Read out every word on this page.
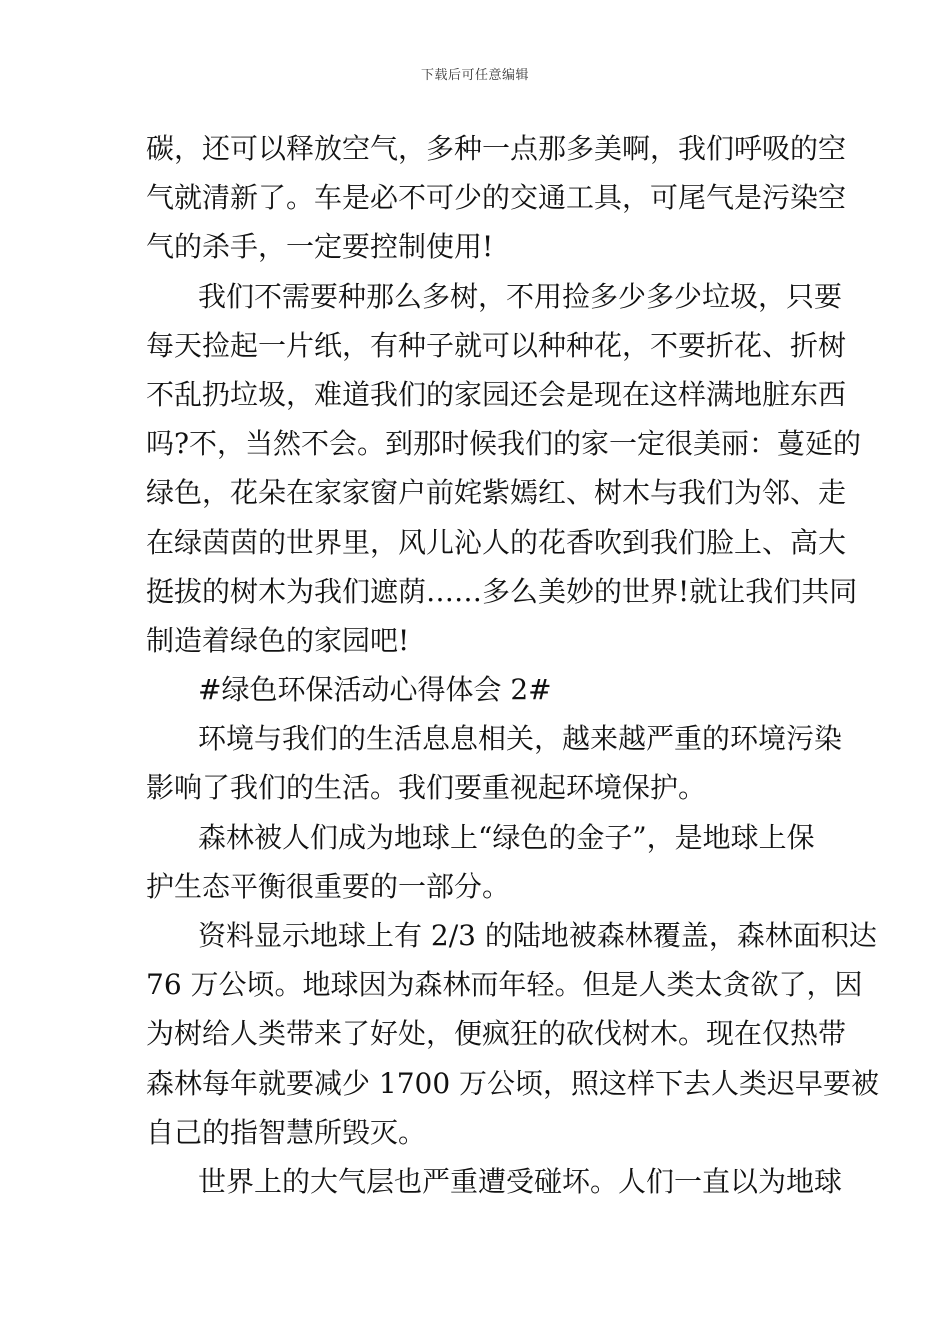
下载后可任意编辑
碳，还可以释放空气，多种一点那多美啊，我们呼吸的空
气就清新了。车是必不可少的交通工具，可尾气是污染空
气的杀手，一定要控制使用!
我们不需要种那么多树，不用捡多少多少垃圾，只要
每天捡起一片纸，有种子就可以种种花，不要折花、折树
不乱扔垃圾，难道我们的家园还会是现在这样满地脏东西
吗?不，当然不会。到那时候我们的家一定很美丽：蔓延的
绿色，花朵在家家窗户前姹紫嫣红、树木与我们为邻、走
在绿茵茵的世界里，风儿沁人的花香吹到我们脸上、高大
挺拔的树木为我们遮荫……多么美妙的世界!就让我们共同
制造着绿色的家园吧!
#绿色环保活动心得体会 2#
环境与我们的生活息息相关，越来越严重的环境污染
影响了我们的生活。我们要重视起环境保护。
森林被人们成为地球上“绿色的金子”，是地球上保
护生态平衡很重要的一部分。
资料显示地球上有 2/3 的陆地被森林覆盖，森林面积达
76 万公顷。地球因为森林而年轻。但是人类太贪欲了，因
为树给人类带来了好处，便疯狂的砍伐树木。现在仅热带
森林每年就要减少 1700 万公顷，照这样下去人类迟早要被
自己的指智慧所毁灭。
世界上的大气层也严重遭受碰坏。人们一直以为地球
